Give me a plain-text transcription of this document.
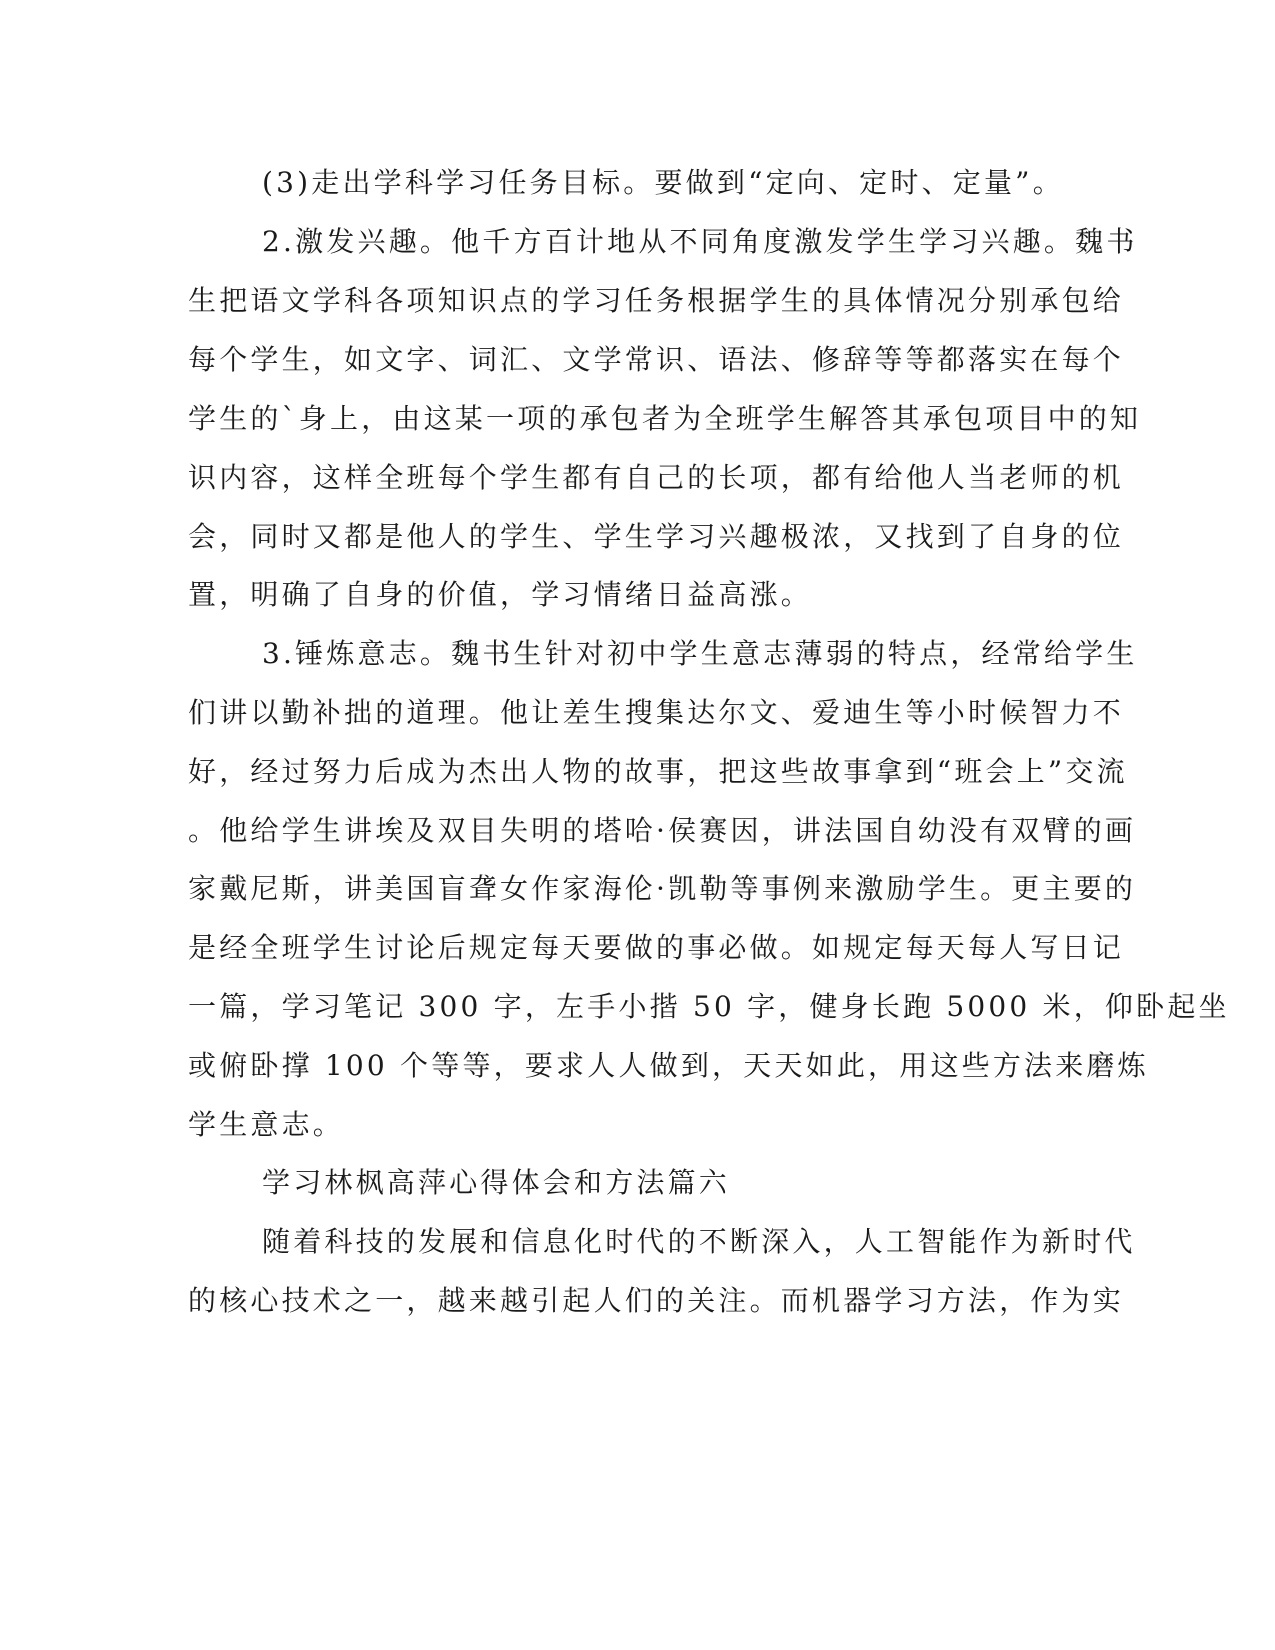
(3)走出学科学习任务目标。要做到“定向、定时、定量”。
2.激发兴趣。他千方百计地从不同角度激发学生学习兴趣。魏书
生把语文学科各项知识点的学习任务根据学生的具体情况分别承包给
每个学生，如文字、词汇、文学常识、语法、修辞等等都落实在每个
学生的`身上，由这某一项的承包者为全班学生解答其承包项目中的知
识内容，这样全班每个学生都有自己的长项，都有给他人当老师的机
会，同时又都是他人的学生、学生学习兴趣极浓，又找到了自身的位
置，明确了自身的价值，学习情绪日益高涨。
3.锤炼意志。魏书生针对初中学生意志薄弱的特点，经常给学生
们讲以勤补拙的道理。他让差生搜集达尔文、爱迪生等小时候智力不
好，经过努力后成为杰出人物的故事，把这些故事拿到“班会上”交流
。他给学生讲埃及双目失明的塔哈·侯赛因，讲法国自幼没有双臂的画
家戴尼斯，讲美国盲聋女作家海伦·凯勒等事例来激励学生。更主要的
是经全班学生讨论后规定每天要做的事必做。如规定每天每人写日记
一篇，学习笔记 300 字，左手小揩 50 字，健身长跑 5000 米，仰卧起坐
或俯卧撑 100 个等等，要求人人做到，天天如此，用这些方法来磨炼
学生意志。
学习林枫高萍心得体会和方法篇六
随着科技的发展和信息化时代的不断深入，人工智能作为新时代
的核心技术之一，越来越引起人们的关注。而机器学习方法，作为实
